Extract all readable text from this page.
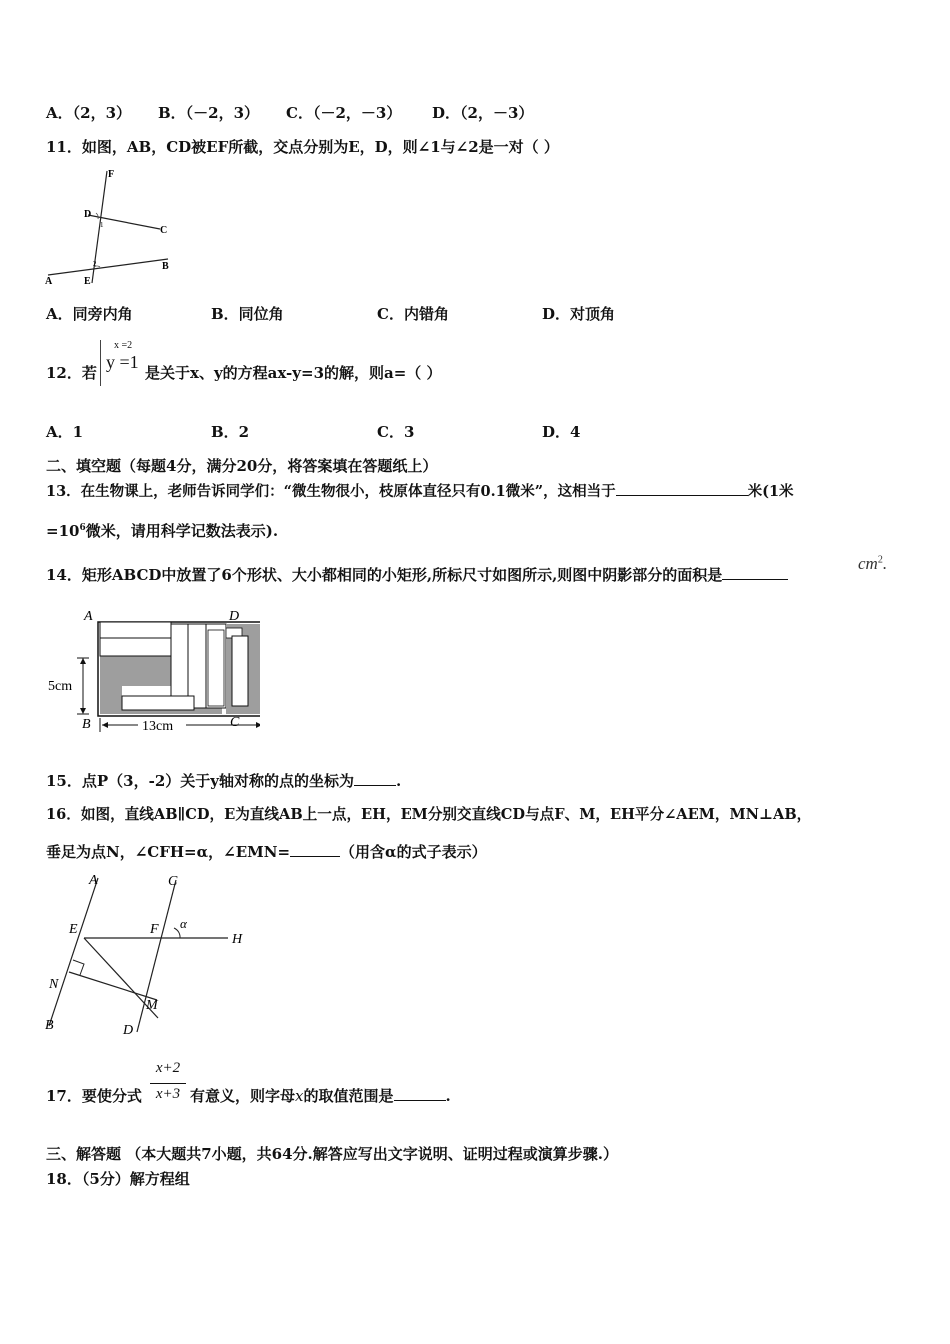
A．（2，3） B．（－2，3） C．（－2，－3） D．（2，－3）
11．如图，AB，CD被EF所截，交点分别为E，D，则∠1与∠2是一对（ ）
F
D
C
1
2
A	E
B
A．同旁内角	B．同位角	C．内错角	D．对顶角
12．若
x =2
y =1
是关于x、y的方程ax-y=3的解，则a=（ ）
A．1	B．2	C．3	D．4
二、填空题（每题4分，满分20分，将答案填在答题纸上）
13．在生物课上，老师告诉同学们：“微生物很小，枝原体直径只有0.1微米”，这相当于	米(1米
$=10^6$微米，请用科学记数法表示).
14．矩形ABCD中放置了6个形状、大小都相同的小矩形,所标尺寸如图所示,则图中阴影部分的面积是
$cm^2$.
A	D
B	C
5cm
13cm
15．点P（3，-2）关于y轴对称的点的坐标为	.
16．如图，直线AB∥CD，E为直线AB上一点，EH，EM分别交直线CD与点F、M，EH平分∠AEM，MN⊥AB，
垂足为点N，∠CFH=α，∠EMN=	（用含α的式子表示）
A	C
E	F α
H
N
M
B	D
17．要使分式
x+2
x+3 有意义，则字母x的取值范围是	.
三、解答题 （本大题共7小题，共64分.解答应写出文字说明、证明过程或演算步骤.）
18．（5分）解方程组
